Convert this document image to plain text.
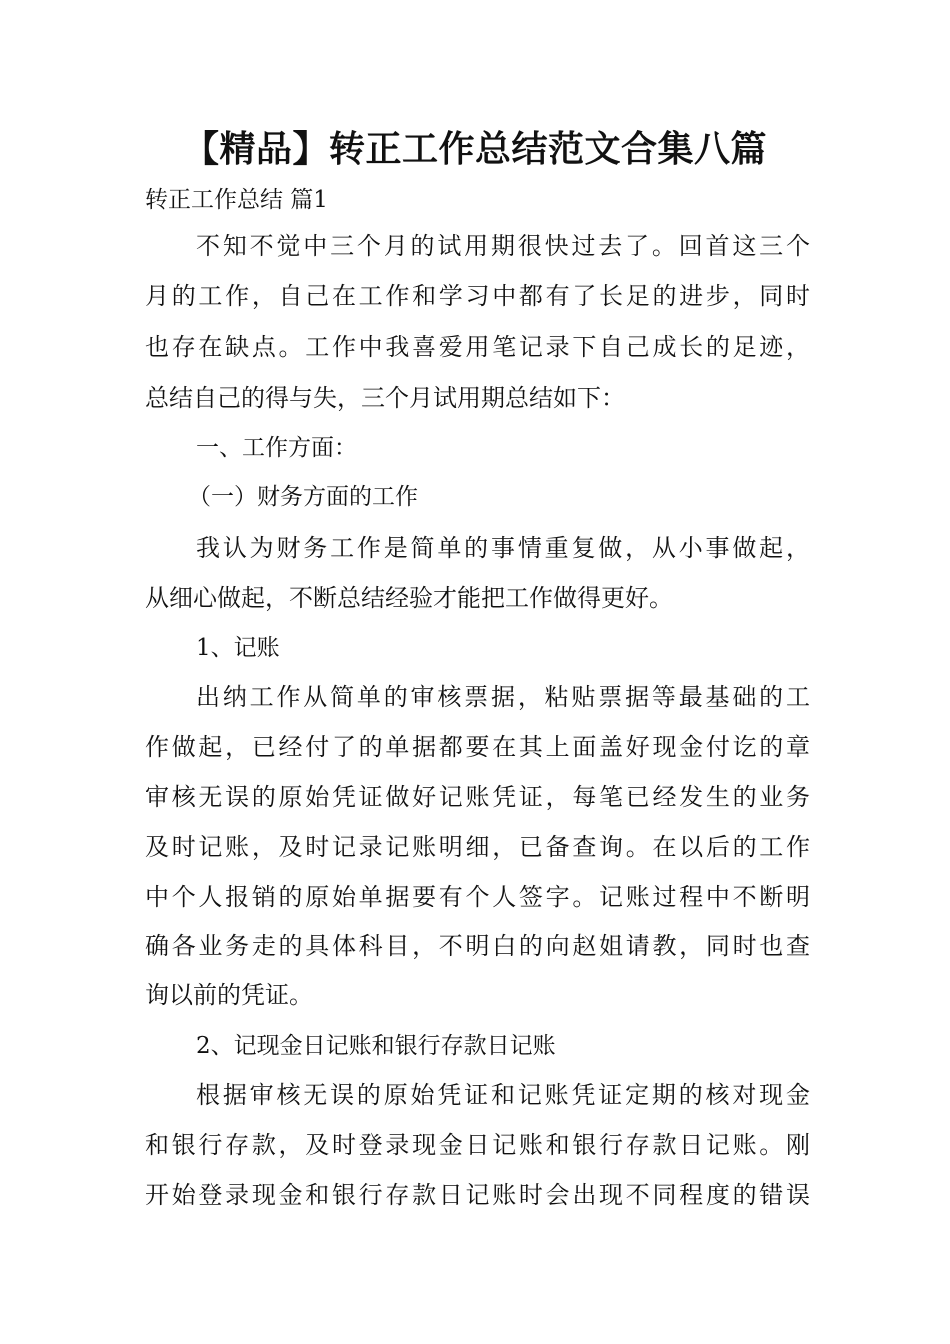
【精品】转正工作总结范文合集八篇
转正工作总结 篇1
不知不觉中三个月的试用期很快过去了。回首这三个
月的工作，自己在工作和学习中都有了长足的进步，同时
也存在缺点。工作中我喜爱用笔记录下自己成长的足迹，
总结自己的得与失，三个月试用期总结如下：
一、工作方面：
（一）财务方面的工作
我认为财务工作是简单的事情重复做，从小事做起，
从细心做起，不断总结经验才能把工作做得更好。
1、记账
出纳工作从简单的审核票据，粘贴票据等最基础的工
作做起，已经付了的单据都要在其上面盖好现金付讫的章
审核无误的原始凭证做好记账凭证，每笔已经发生的业务
及时记账，及时记录记账明细，已备查询。在以后的工作
中个人报销的原始单据要有个人签字。记账过程中不断明
确各业务走的具体科目，不明白的向赵姐请教，同时也查
询以前的凭证。
2、记现金日记账和银行存款日记账
根据审核无误的原始凭证和记账凭证定期的核对现金
和银行存款，及时登录现金日记账和银行存款日记账。刚
开始登录现金和银行存款日记账时会出现不同程度的错误
